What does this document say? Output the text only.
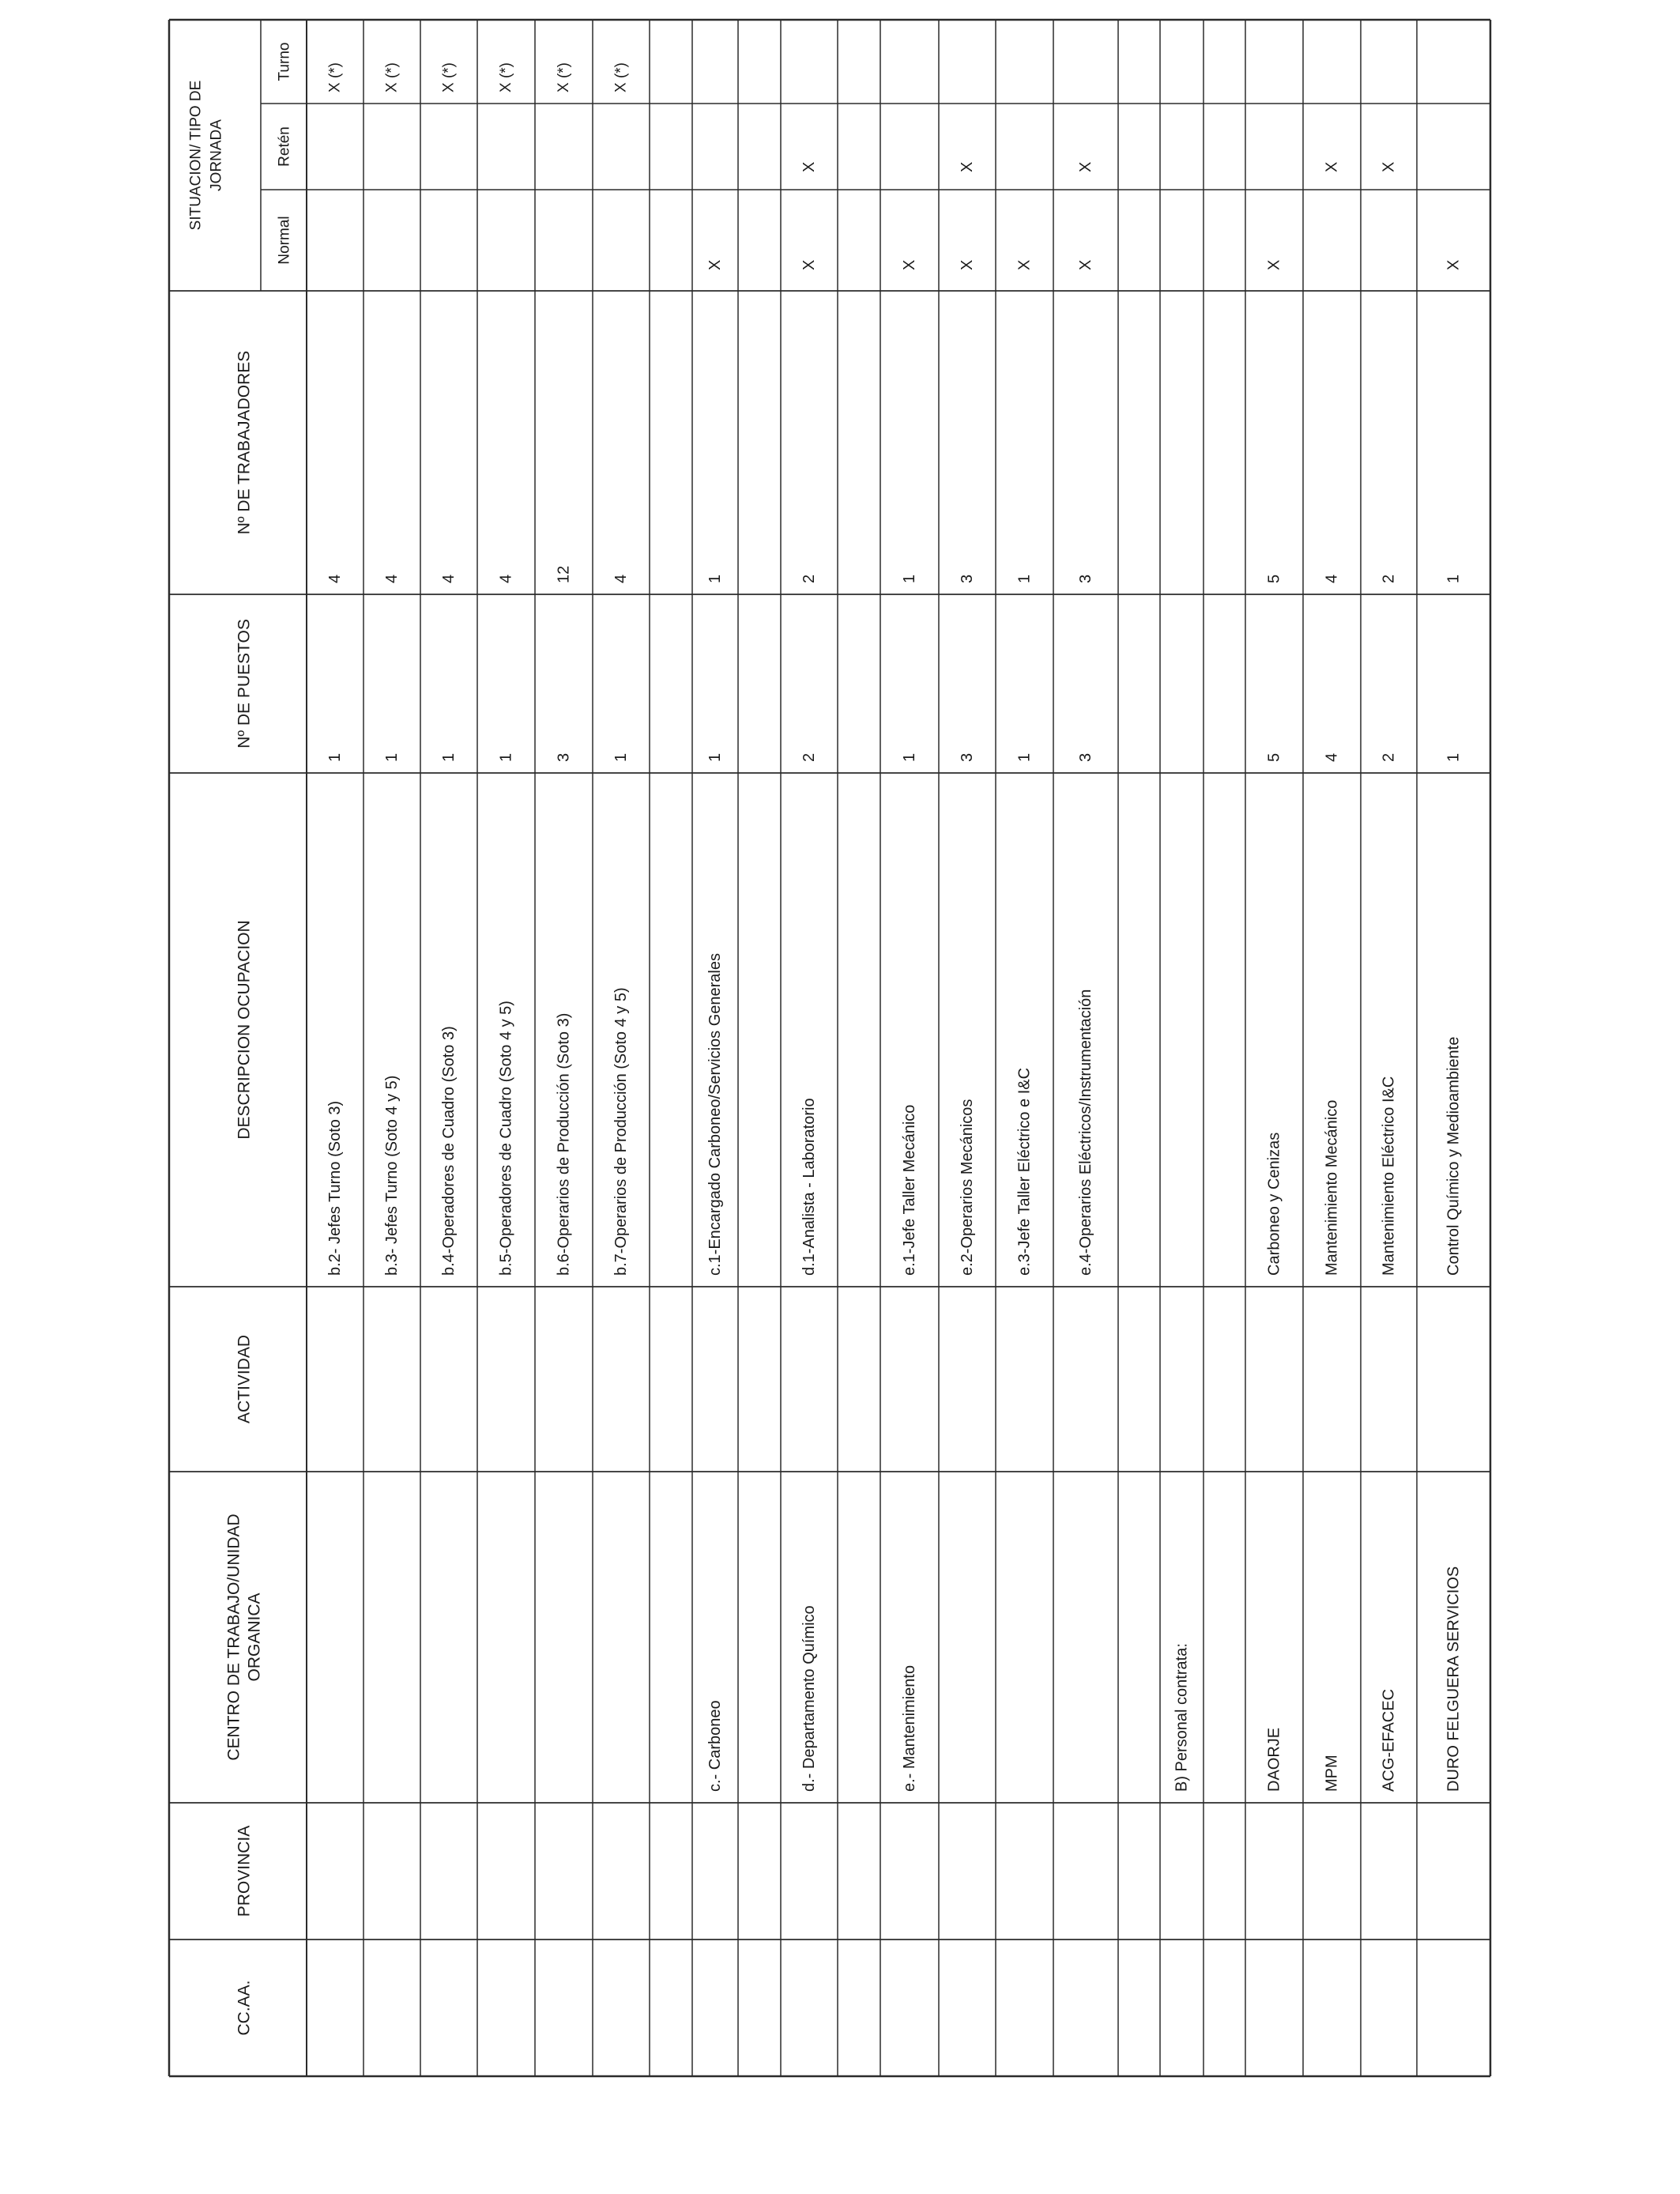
CC.AA.
PROVINCIA
CENTRO DE TRABAJO/UNIDAD ORGANICA
ACTIVIDAD
DESCRIPCION OCUPACION
Nº DE PUESTOS
Nº DE TRABAJADORES
SITUACION/ TIPO DE JORNADA
Normal
Retén
Turno
b.2- Jefes Turno (Soto 3)
1
4
X (*)
b.3- Jefes Turno (Soto 4 y 5)
1
4
X (*)
b.4-Operadores de Cuadro (Soto 3)
1
4
X (*)
b.5-Operadores de Cuadro (Soto 4 y 5)
1
4
X (*)
b.6-Operarios de Producción (Soto 3)
3
12
X (*)
b.7-Operarios de Producción (Soto 4 y 5)
1
4
X (*)
c.- Carboneo
c.1-Encargado Carboneo/Servicios Generales
1
1
X
d.- Departamento Químico
d.1-Analista - Laboratorio
2
2
X
X
e.- Mantenimiento
e.1-Jefe Taller Mecánico
1
1
X
e.2-Operarios Mecánicos
3
3
X
X
e.3-Jefe Taller Eléctrico e I&C
1
1
X
e.4-Operarios Eléctricos/Instrumentación
3
3
X
X
B) Personal contrata:	DAORJE
Carboneo y Cenizas
5
5
X
MPM
Mantenimiento Mecánico
4
4
X
ACG-EFACEC
Mantenimiento Eléctrico I&C
2
2
X
DURO FELGUERA SERVICIOS
Control Químico y Medioambiente
1
1
X
